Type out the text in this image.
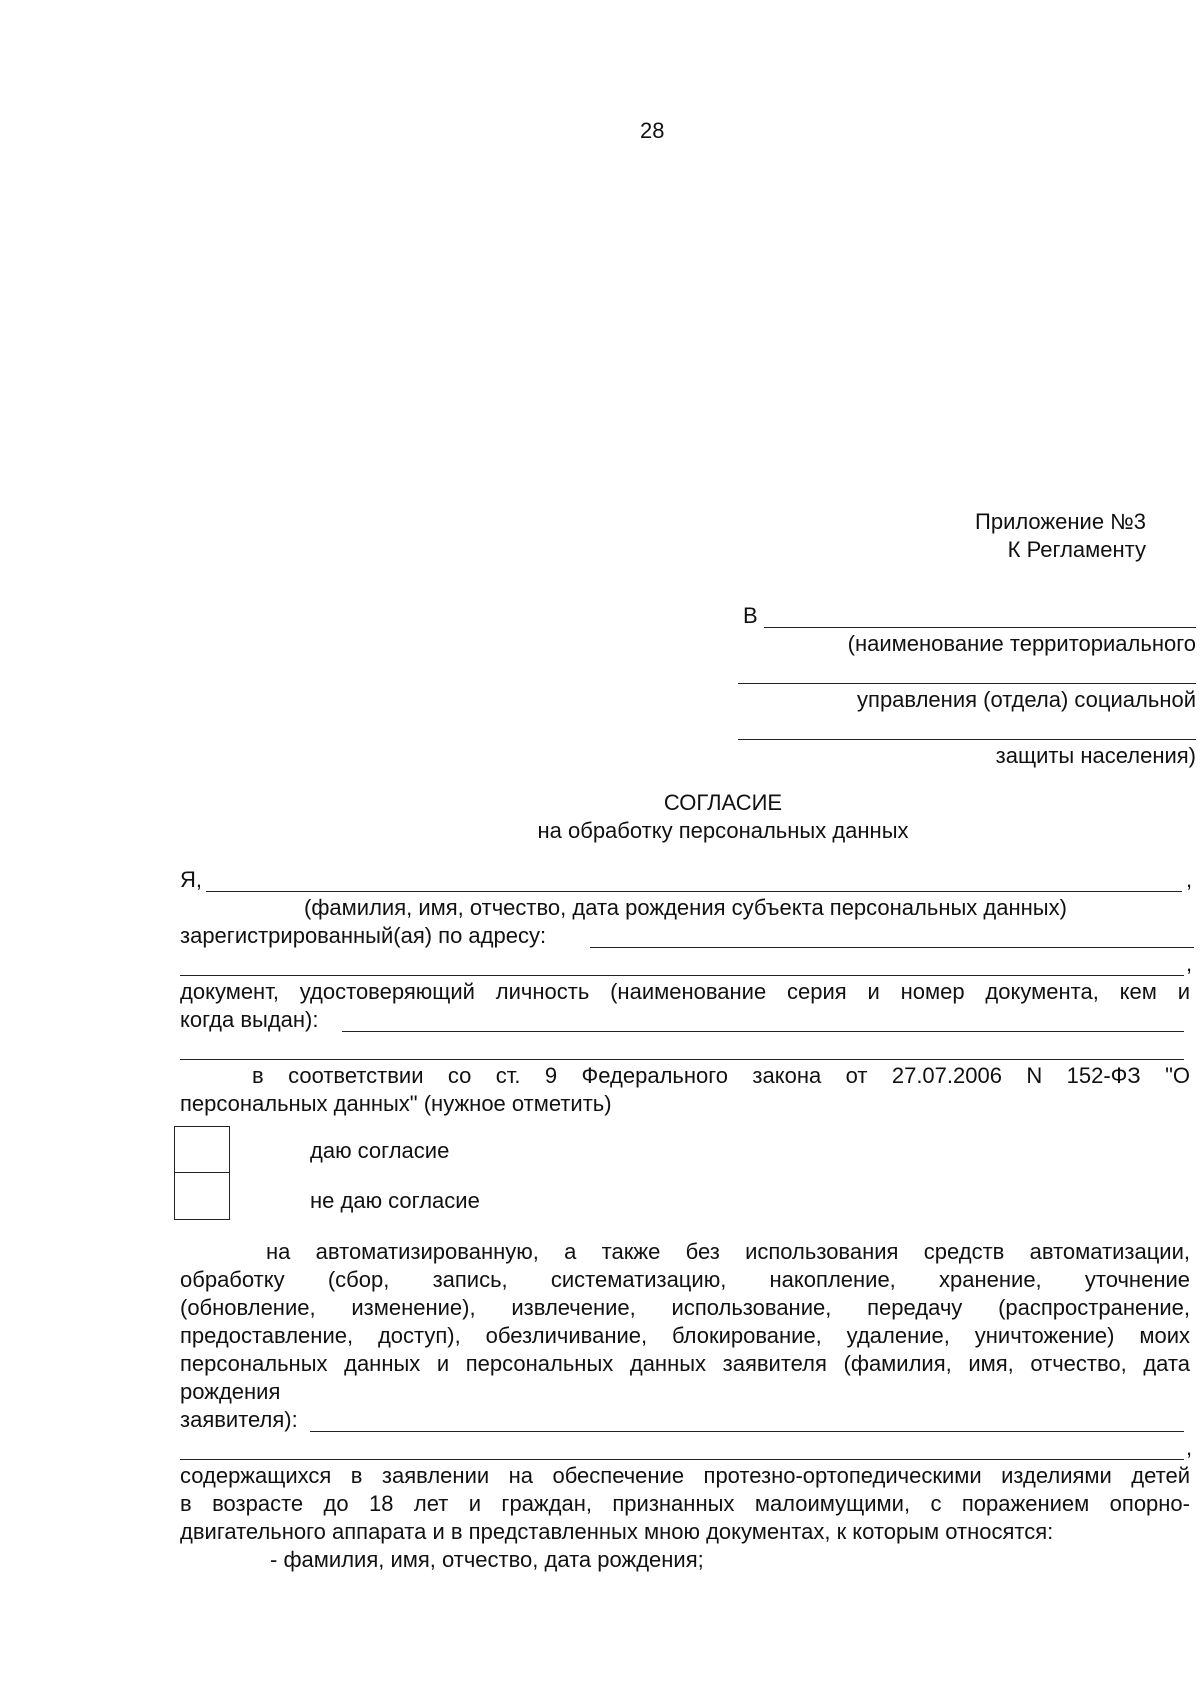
28
Приложение №3
К Регламенту
В
(наименование территориального
управления (отдела) социальной
защиты населения)
СОГЛАСИЕ
на обработку персональных данных
Я,	,
(фамилия, имя, отчество, дата рождения субъекта персональных данных)
зарегистрированный(ая) по адресу:
,
документ, удостоверяющий личность (наименование серия и номер документа, кем и
когда выдан):
в соответствии со ст. 9 Федерального закона от 27.07.2006 N 152-ФЗ "О
персональных данных" (нужное отметить)
даю согласие
не даю согласие
на автоматизированную, а также без использования средств автоматизации,
обработку (сбор, запись, систематизацию, накопление, хранение, уточнение
(обновление, изменение), извлечение, использование, передачу (распространение,
предоставление, доступ), обезличивание, блокирование, удаление, уничтожение) моих
персональных данных и персональных данных заявителя (фамилия, имя, отчество, дата
рождения
заявителя):
,
содержащихся в заявлении на обеспечение протезно-ортопедическими изделиями детей
в возрасте до 18 лет и граждан, признанных малоимущими, с поражением опорно-
двигательного аппарата и в представленных мною документах, к которым относятся:
- фамилия, имя, отчество, дата рождения;
